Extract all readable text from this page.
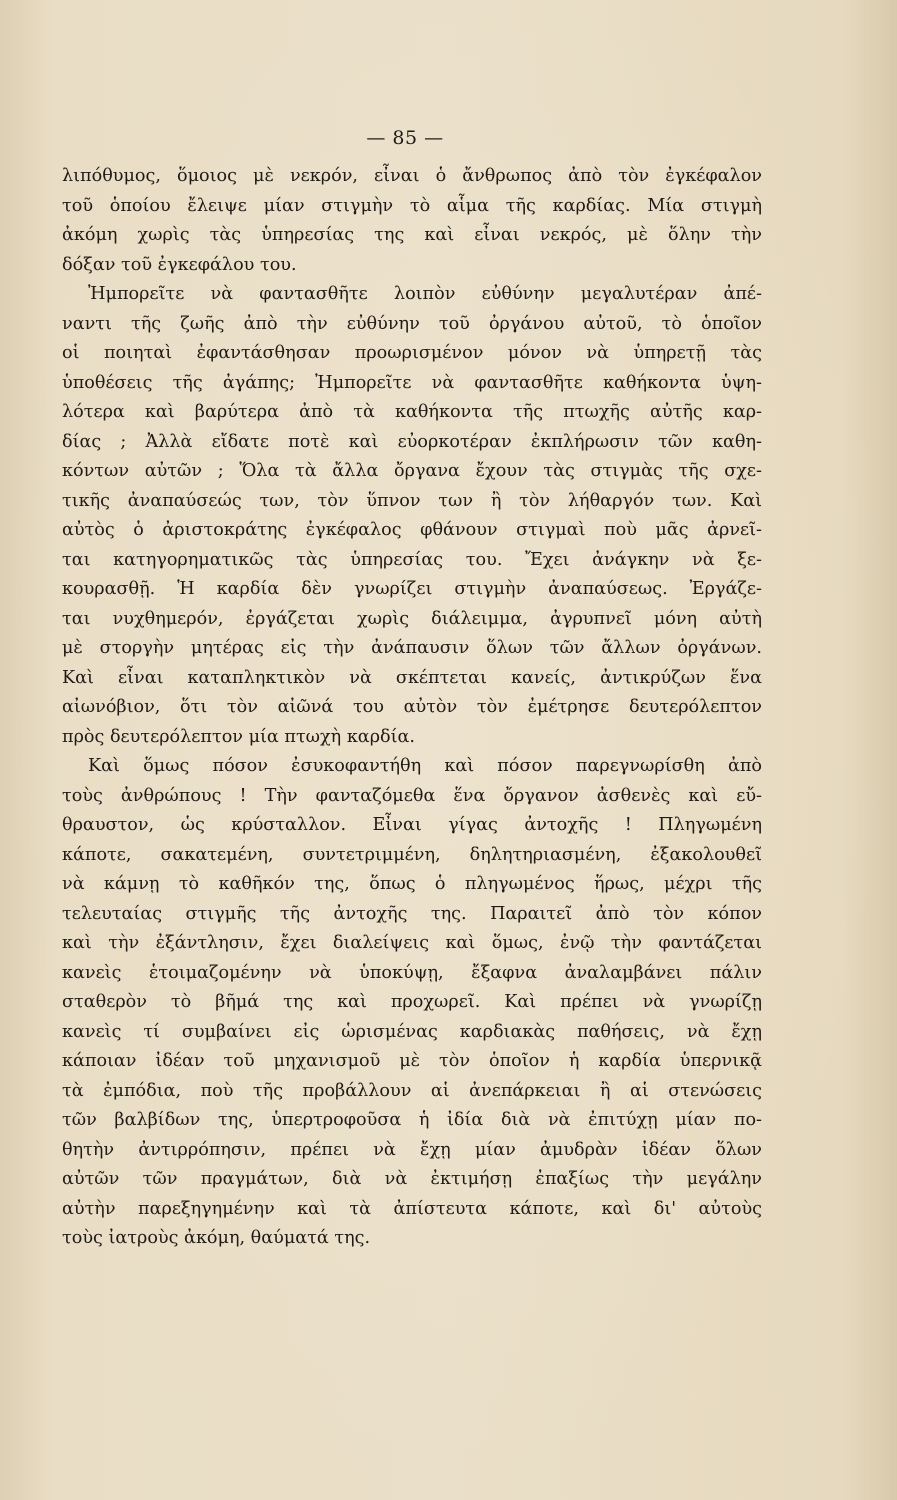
— 85 —
λιπόθυμος, ὅμοιος μὲ νεκρόν, εἶναι ὁ ἄνθρωπος ἀπὸ τὸν ἐγκέφαλον
τοῦ ὁποίου ἔλειψε μίαν στιγμὴν τὸ αἷμα τῆς καρδίας. Μία στιγμὴ
ἀκόμη χωρὶς τὰς ὑπηρεσίας της καὶ εἶναι νεκρός, μὲ ὅλην τὴν
δόξαν τοῦ ἐγκεφάλου του.
Ἠμπορεῖτε νὰ φαντασθῆτε λοιπὸν εὐθύνην μεγαλυτέραν ἀπέ-
ναντι τῆς ζωῆς ἀπὸ τὴν εὐθύνην τοῦ ὀργάνου αὐτοῦ, τὸ ὁποῖον
οἱ ποιηταὶ ἐφαντάσθησαν προωρισμένον μόνον νὰ ὑπηρετῇ τὰς
ὑποθέσεις τῆς ἀγάπης; Ἠμπορεῖτε νὰ φαντασθῆτε καθήκοντα ὑψη-
λότερα καὶ βαρύτερα ἀπὸ τὰ καθήκοντα τῆς πτωχῆς αὐτῆς καρ-
δίας ; Ἀλλὰ εἴδατε ποτὲ καὶ εὐορκοτέραν ἐκπλήρωσιν τῶν καθη-
κόντων αὐτῶν ; Ὅλα τὰ ἄλλα ὄργανα ἔχουν τὰς στιγμὰς τῆς σχε-
τικῆς ἀναπαύσεώς των, τὸν ὕπνον των ἢ τὸν λήθαργόν των. Καὶ
αὐτὸς ὁ ἀριστοκράτης ἐγκέφαλος φθάνουν στιγμαὶ ποὺ μᾶς ἀρνεῖ-
ται κατηγορηματικῶς τὰς ὑπηρεσίας του. Ἔχει ἀνάγκην νὰ ξε-
κουρασθῇ. Ἡ καρδία δὲν γνωρίζει στιγμὴν ἀναπαύσεως. Ἐργάζε-
ται νυχθημερόν, ἐργάζεται χωρὶς διάλειμμα, ἀγρυπνεῖ μόνη αὐτὴ
μὲ στοργὴν μητέρας εἰς τὴν ἀνάπαυσιν ὅλων τῶν ἄλλων ὀργάνων.
Καὶ εἶναι καταπληκτικὸν νὰ σκέπτεται κανείς, ἀντικρύζων ἕνα
αἰωνόβιον, ὅτι τὸν αἰῶνά του αὐτὸν τὸν ἐμέτρησε δευτερόλεπτον
πρὸς δευτερόλεπτον μία πτωχὴ καρδία.
Καὶ ὅμως πόσον ἐσυκοφαντήθη καὶ πόσον παρεγνωρίσθη ἀπὸ
τοὺς ἀνθρώπους ! Τὴν φανταζόμεθα ἕνα ὄργανον ἀσθενὲς καὶ εὔ-
θραυστον, ὡς κρύσταλλον. Εἶναι γίγας ἀντοχῆς ! Πληγωμένη
κάποτε, σακατεμένη, συντετριμμένη, δηλητηριασμένη, ἐξακολουθεῖ
νὰ κάμνῃ τὸ καθῆκόν της, ὅπως ὁ πληγωμένος ἥρως, μέχρι τῆς
τελευταίας στιγμῆς τῆς ἀντοχῆς της. Παραιτεῖ ἀπὸ τὸν κόπον
καὶ τὴν ἐξάντλησιν, ἔχει διαλείψεις καὶ ὅμως, ἐνῷ τὴν φαντάζεται
κανεὶς ἑτοιμαζομένην νὰ ὑποκύψῃ, ἔξαφνα ἀναλαμβάνει πάλιν
σταθερὸν τὸ βῆμά της καὶ προχωρεῖ. Καὶ πρέπει νὰ γνωρίζῃ
κανεὶς τί συμβαίνει εἰς ὡρισμένας καρδιακὰς παθήσεις, νὰ ἔχῃ
κάποιαν ἰδέαν τοῦ μηχανισμοῦ μὲ τὸν ὁποῖον ἡ καρδία ὑπερνικᾷ
τὰ ἐμπόδια, ποὺ τῆς προβάλλουν αἱ ἀνεπάρκειαι ἢ αἱ στενώσεις
τῶν βαλβίδων της, ὑπερτροφοῦσα ἡ ἰδία διὰ νὰ ἐπιτύχῃ μίαν πο-
θητὴν ἀντιρρόπησιν, πρέπει νὰ ἔχῃ μίαν ἀμυδρὰν ἰδέαν ὅλων
αὐτῶν τῶν πραγμάτων, διὰ νὰ ἐκτιμήσῃ ἐπαξίως τὴν μεγάλην
αὐτὴν παρεξηγημένην καὶ τὰ ἀπίστευτα κάποτε, καὶ δι' αὐτοὺς
τοὺς ἰατροὺς ἀκόμη, θαύματά της.
